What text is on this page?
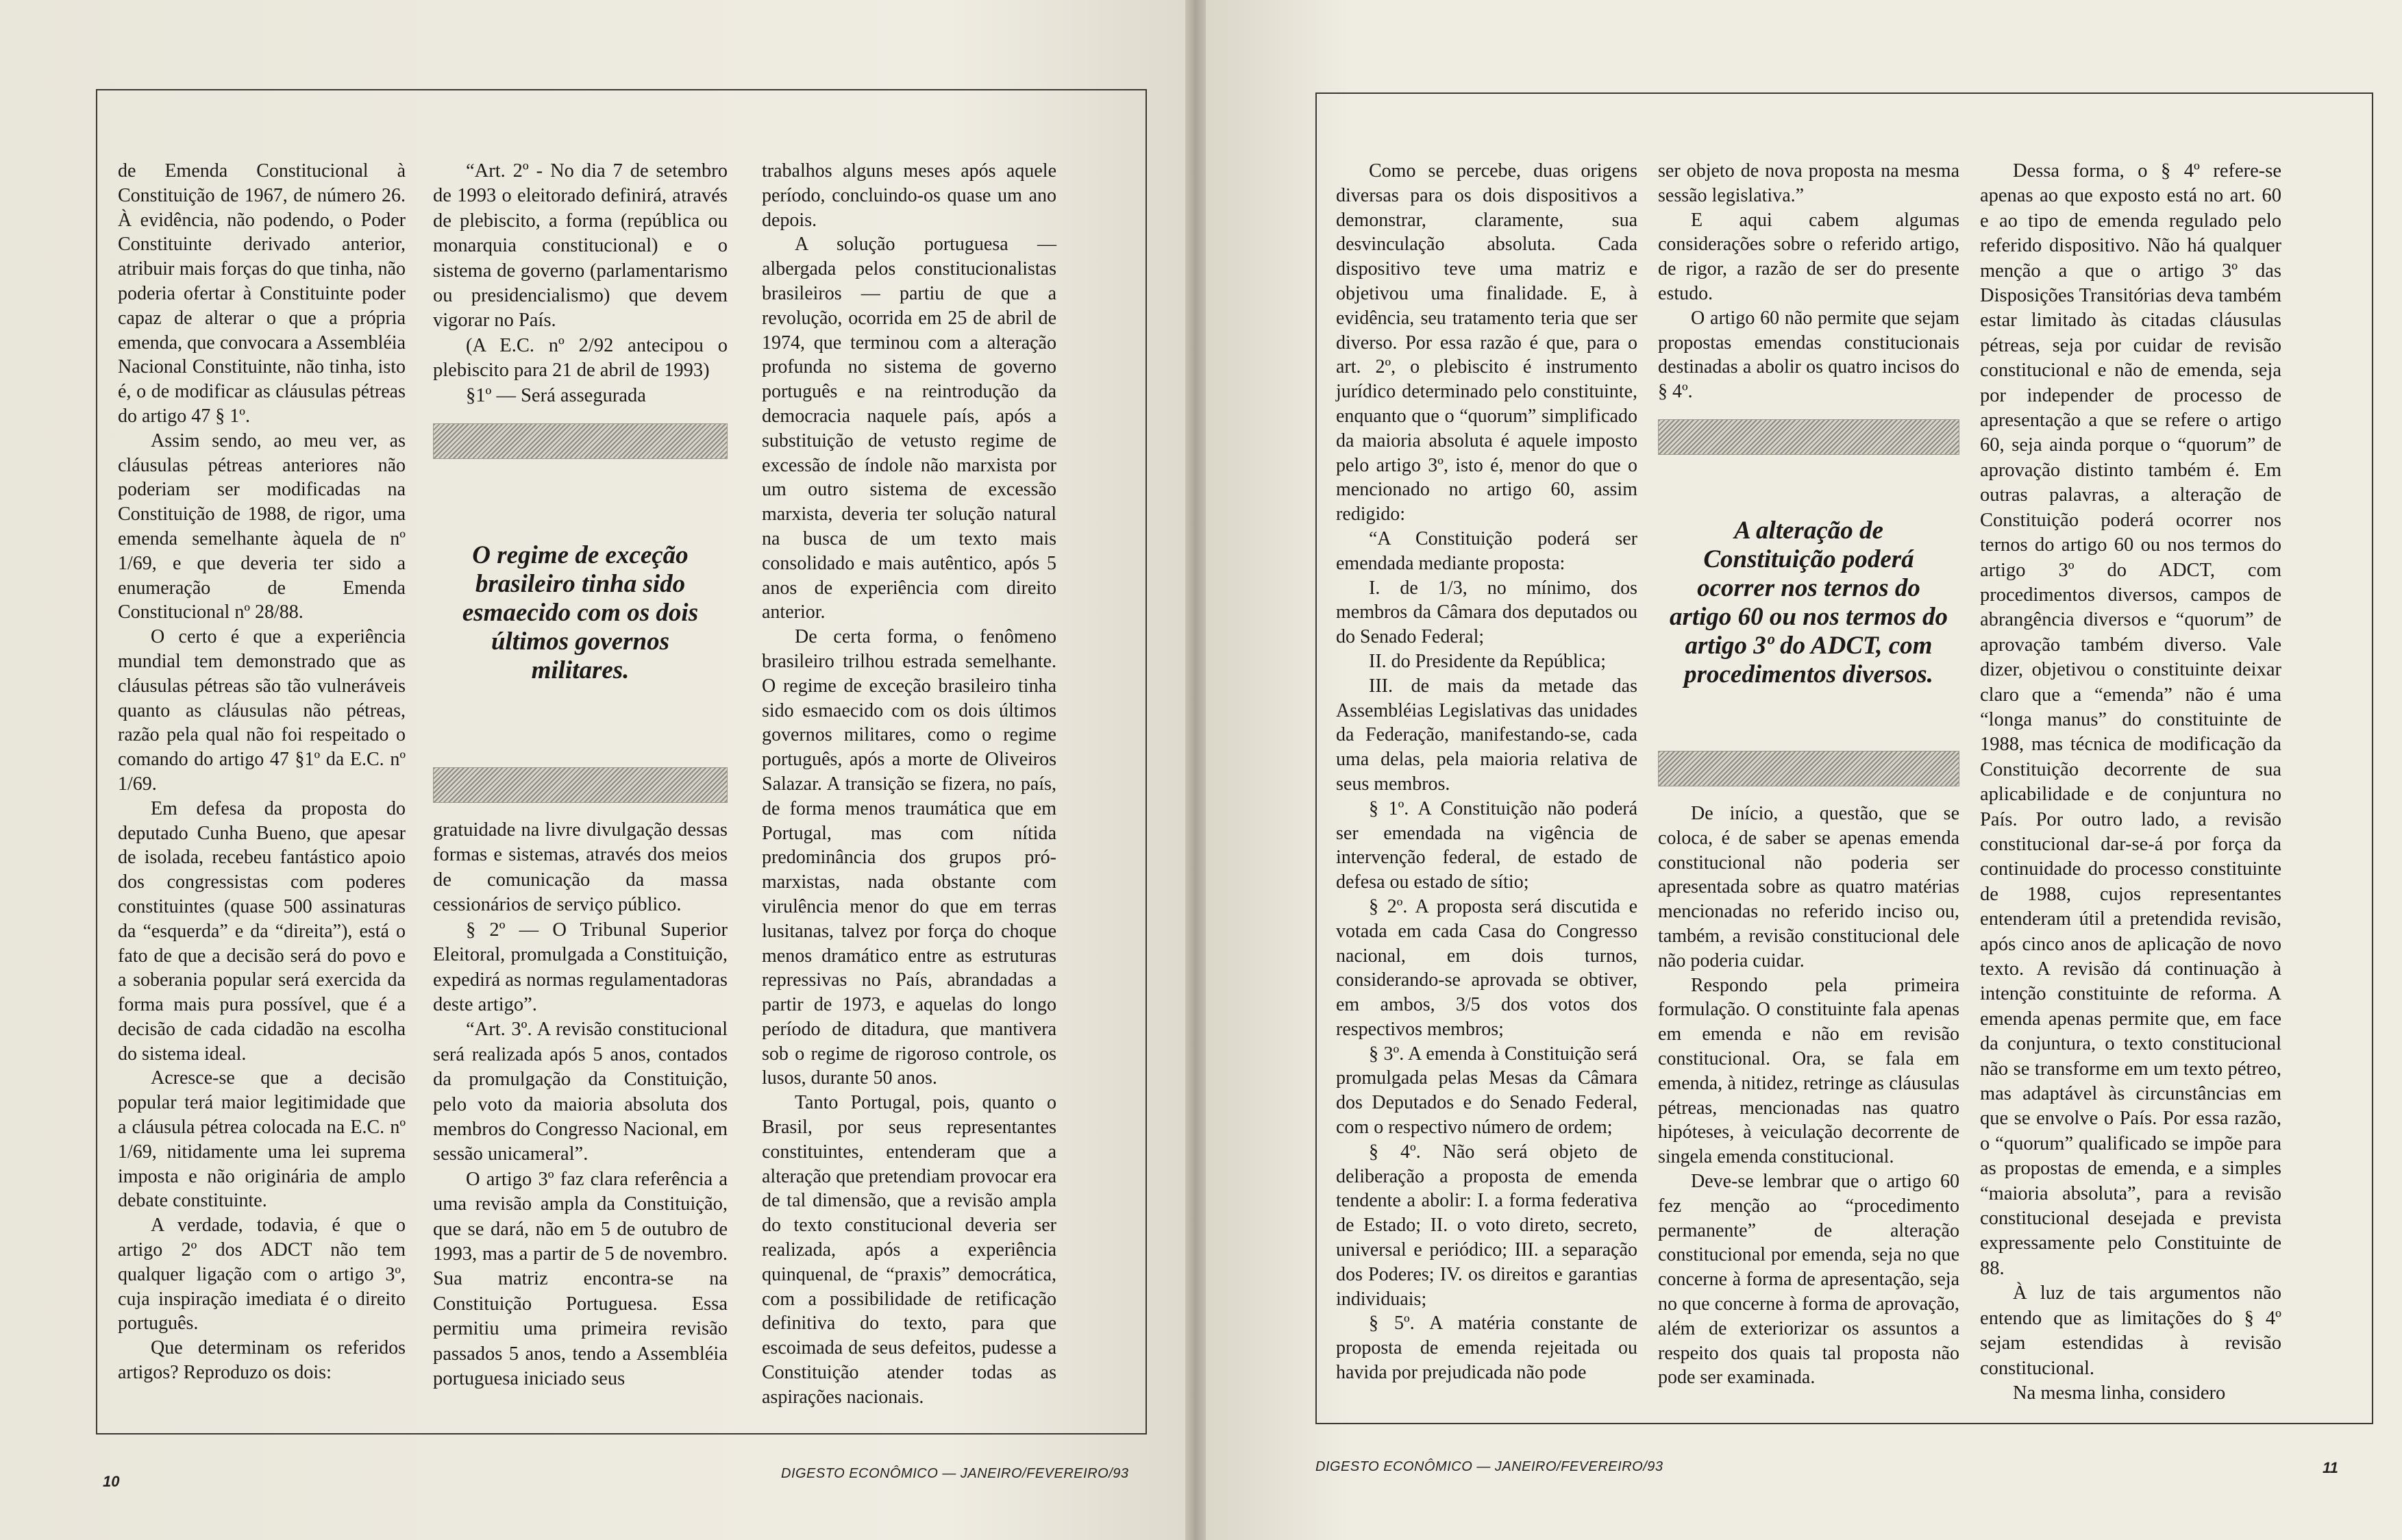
de Emenda Constitucional à Constituição de 1967, de número 26. À evidência, não podendo, o Poder Constituinte derivado anterior, atribuir mais forças do que tinha, não poderia ofertar à Constituinte poder capaz de alterar o que a própria emenda, que convocara a Assembléia Nacional Constituinte, não tinha, isto é, o de modificar as cláusulas pétreas do artigo 47 § 1º.

Assim sendo, ao meu ver, as cláusulas pétreas anteriores não poderiam ser modificadas na Constituição de 1988, de rigor, uma emenda semelhante àquela de nº 1/69, e que deveria ter sido a enumeração de Emenda Constitucional nº 28/88.

O certo é que a experiência mundial tem demonstrado que as cláusulas pétreas são tão vulneráveis quanto as cláusulas não pétreas, razão pela qual não foi respeitado o comando do artigo 47 §1º da E.C. nº 1/69.

Em defesa da proposta do deputado Cunha Bueno, que apesar de isolada, recebeu fantástico apoio dos congressistas com poderes constituintes (quase 500 assinaturas da “esquerda” e da “direita”), está o fato de que a decisão será do povo e a soberania popular será exercida da forma mais pura possível, que é a decisão de cada cidadão na escolha do sistema ideal.

Acresce-se que a decisão popular terá maior legitimidade que a cláusula pétrea colocada na E.C. nº 1/69, nitidamente uma lei suprema imposta e não originária de amplo debate constituinte.

A verdade, todavia, é que o artigo 2º dos ADCT não tem qualquer ligação com o artigo 3º, cuja inspiração imediata é o direito português.

Que determinam os referidos artigos? Reproduzo os dois:

“Art. 2º - No dia 7 de setembro de 1993 o eleitorado definirá, através de plebiscito, a forma (república ou monarquia constitucional) e o sistema de governo (parlamentarismo ou presidencialismo) que devem vigorar no País.

(A E.C. nº 2/92 antecipou o plebiscito para 21 de abril de 1993)

§1º — Será assegurada

O regime de exceção brasileiro tinha sido esmaecido com os dois últimos governos militares.

gratuidade na livre divulgação dessas formas e sistemas, através dos meios de comunicação da massa cessionários de serviço público.

§ 2º — O Tribunal Superior Eleitoral, promulgada a Constituição, expedirá as normas regulamentadoras deste artigo”.

“Art. 3º. A revisão constitucional será realizada após 5 anos, contados da promulgação da Constituição, pelo voto da maioria absoluta dos membros do Congresso Nacional, em sessão unicameral”.

O artigo 3º faz clara referência a uma revisão ampla da Constituição, que se dará, não em 5 de outubro de 1993, mas a partir de 5 de novembro. Sua matriz encontra-se na Constituição Portuguesa. Essa permitiu uma primeira revisão passados 5 anos, tendo a Assembléia portuguesa iniciado seus

trabalhos alguns meses após aquele período, concluindo-os quase um ano depois.

A solução portuguesa — albergada pelos constitucionalistas brasileiros — partiu de que a revolução, ocorrida em 25 de abril de 1974, que terminou com a alteração profunda no sistema de governo português e na reintrodução da democracia naquele país, após a substituição de vetusto regime de excessão de índole não marxista por um outro sistema de excessão marxista, deveria ter solução natural na busca de um texto mais consolidado e mais autêntico, após 5 anos de experiência com direito anterior.

De certa forma, o fenômeno brasileiro trilhou estrada semelhante. O regime de exceção brasileiro tinha sido esmaecido com os dois últimos governos militares, como o regime português, após a morte de Oliveiros Salazar. A transição se fizera, no país, de forma menos traumática que em Portugal, mas com nítida predominância dos grupos pró-marxistas, nada obstante com virulência menor do que em terras lusitanas, talvez por força do choque menos dramático entre as estruturas repressivas no País, abrandadas a partir de 1973, e aquelas do longo período de ditadura, que mantivera sob o regime de rigoroso controle, os lusos, durante 50 anos.

Tanto Portugal, pois, quanto o Brasil, por seus representantes constituintes, entenderam que a alteração que pretendiam provocar era de tal dimensão, que a revisão ampla do texto constitucional deveria ser realizada, após a experiência quinquenal, de “praxis” democrática, com a possibilidade de retificação definitiva do texto, para que escoimada de seus defeitos, pudesse a Constituição atender todas as aspirações nacionais.

10	DIGESTO ECONÔMICO — JANEIRO/FEVEREIRO/93

Como se percebe, duas origens diversas para os dois dispositivos a demonstrar, claramente, sua desvinculação absoluta. Cada dispositivo teve uma matriz e objetivou uma finalidade. E, à evidência, seu tratamento teria que ser diverso. Por essa razão é que, para o art. 2º, o plebiscito é instrumento jurídico determinado pelo constituinte, enquanto que o “quorum” simplificado da maioria absoluta é aquele imposto pelo artigo 3º, isto é, menor do que o mencionado no artigo 60, assim redigido:

“A Constituição poderá ser emendada mediante proposta:

I. de 1/3, no mínimo, dos membros da Câmara dos deputados ou do Senado Federal;

II. do Presidente da República;

III. de mais da metade das Assembléias Legislativas das unidades da Federação, manifestando-se, cada uma delas, pela maioria relativa de seus membros.

§ 1º. A Constituição não poderá ser emendada na vigência de intervenção federal, de estado de defesa ou estado de sítio;

§ 2º. A proposta será discutida e votada em cada Casa do Congresso nacional, em dois turnos, considerando-se aprovada se obtiver, em ambos, 3/5 dos votos dos respectivos membros;

§ 3º. A emenda à Constituição será promulgada pelas Mesas da Câmara dos Deputados e do Senado Federal, com o respectivo número de ordem;

§ 4º. Não será objeto de deliberação a proposta de emenda tendente a abolir: I. a forma federativa de Estado; II. o voto direto, secreto, universal e periódico; III. a separação dos Poderes; IV. os direitos e garantias individuais;

§ 5º. A matéria constante de proposta de emenda rejeitada ou havida por prejudicada não pode

ser objeto de nova proposta na mesma sessão legislativa.”

E aqui cabem algumas considerações sobre o referido artigo, de rigor, a razão de ser do presente estudo.

O artigo 60 não permite que sejam propostas emendas constitucionais destinadas a abolir os quatro incisos do § 4º.

A alteração de Constituição poderá ocorrer nos ternos do artigo 60 ou nos termos do artigo 3º do ADCT, com procedimentos diversos.

De início, a questão, que se coloca, é de saber se apenas emenda constitucional não poderia ser apresentada sobre as quatro matérias mencionadas no referido inciso ou, também, a revisão constitucional dele não poderia cuidar.

Respondo pela primeira formulação. O constituinte fala apenas em emenda e não em revisão constitucional. Ora, se fala em emenda, à nitidez, retringe as cláusulas pétreas, mencionadas nas quatro hipóteses, à veiculação decorrente de singela emenda constitucional.

Deve-se lembrar que o artigo 60 fez menção ao “procedimento permanente” de alteração constitucional por emenda, seja no que concerne à forma de apresentação, seja no que concerne à forma de aprovação, além de exteriorizar os assuntos a respeito dos quais tal proposta não pode ser examinada.

Dessa forma, o § 4º refere-se apenas ao que exposto está no art. 60 e ao tipo de emenda regulado pelo referido dispositivo. Não há qualquer menção a que o artigo 3º das Disposições Transitórias deva também estar limitado às citadas cláusulas pétreas, seja por cuidar de revisão constitucional e não de emenda, seja por independer de processo de apresentação a que se refere o artigo 60, seja ainda porque o “quorum” de aprovação distinto também é. Em outras palavras, a alteração de Constituição poderá ocorrer nos ternos do artigo 60 ou nos termos do artigo 3º do ADCT, com procedimentos diversos, campos de abrangência diversos e “quorum” de aprovação também diverso. Vale dizer, objetivou o constituinte deixar claro que a “emenda” não é uma “longa manus” do constituinte de 1988, mas técnica de modificação da Constituição decorrente de sua aplicabilidade e de conjuntura no País. Por outro lado, a revisão constitucional dar-se-á por força da continuidade do processo constituinte de 1988, cujos representantes entenderam útil a pretendida revisão, após cinco anos de aplicação de novo texto. A revisão dá continuação à intenção constituinte de reforma. A emenda apenas permite que, em face da conjuntura, o texto constitucional não se transforme em um texto pétreo, mas adaptável às circunstâncias em que se envolve o País. Por essa razão, o “quorum” qualificado se impõe para as propostas de emenda, e a simples “maioria absoluta”, para a revisão constitucional desejada e prevista expressamente pelo Constituinte de 88.

À luz de tais argumentos não entendo que as limitações do § 4º sejam estendidas à revisão constitucional.

Na mesma linha, considero

DIGESTO ECONÔMICO — JANEIRO/FEVEREIRO/93	11
